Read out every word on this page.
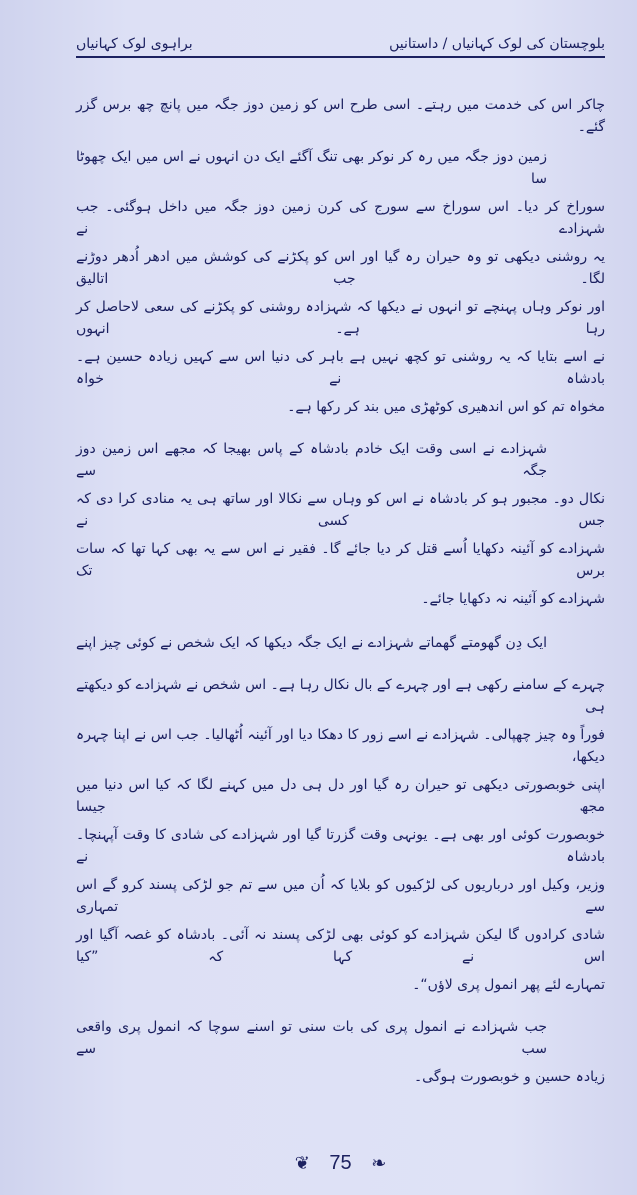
بلوچستان کی لوک کہانیاں / داستانیں
براہوی لوک کہانیاں
چاکر اس کی خدمت میں رہتے۔ اسی طرح اس کو زمین دوز جگہ میں پانچ چھ برس گزر گئے۔
زمین دوز جگہ میں رہ کر نوکر بھی تنگ آگئے ایک دن انہوں نے اس میں ایک چھوٹا سا
سوراخ کر دیا۔ اس سوراخ سے سورج کی کرن زمین دوز جگہ میں داخل ہوگئی۔ جب شہزادے نے
یہ روشنی دیکھی تو وہ حیران رہ گیا اور اس کو پکڑنے کی کوشش میں ادھر اُدھر دوڑنے لگا۔ جب اتالیق
اور نوکر وہاں پہنچے تو انہوں نے دیکھا کہ شہزادہ روشنی کو پکڑنے کی سعی لاحاصل کر رہا ہے۔ انہوں
نے اسے بتایا کہ یہ روشنی تو کچھ نہیں ہے باہر کی دنیا اس سے کہیں زیادہ حسین ہے۔ بادشاہ نے خواہ
مخواہ تم کو اس اندھیری کوٹھڑی میں بند کر رکھا ہے۔
شہزادے نے اسی وقت ایک خادم بادشاہ کے پاس بھیجا کہ مجھے اس زمین دوز جگہ سے
نکال دو۔ مجبور ہو کر بادشاہ نے اس کو وہاں سے نکالا اور ساتھ ہی یہ منادی کرا دی کہ جس کسی نے
شہزادے کو آئینہ دکھایا اُسے قتل کر دیا جائے گا۔ فقیر نے اس سے یہ بھی کہا تھا کہ سات برس تک
شہزادے کو آئینہ نہ دکھایا جائے۔
ایک دِن گھومتے گھماتے شہزادے نے ایک جگہ دیکھا کہ ایک شخص نے کوئی چیز اپنے
چہرے کے سامنے رکھی ہے اور چہرے کے بال نکال رہا ہے۔ اس شخص نے شہزادے کو دیکھتے ہی
فوراً وہ چیز چھپالی۔ شہزادے نے اسے زور کا دھکا دیا اور آئینہ اُٹھالیا۔ جب اس نے اپنا چہرہ دیکھا،
اپنی خوبصورتی دیکھی تو حیران رہ گیا اور دل ہی دل میں کہنے لگا کہ کیا اس دنیا میں مجھ جیسا
خوبصورت کوئی اور بھی ہے۔ یونہی وقت گزرتا گیا اور شہزادے کی شادی کا وقت آپہنچا۔ بادشاہ نے
وزیر، وکیل اور درباریوں کی لڑکیوں کو بلایا کہ اُن میں سے تم جو لڑکی پسند کرو گے اس سے تمہاری
شادی کرادوں گا لیکن شہزادے کو کوئی بھی لڑکی پسند نہ آئی۔ بادشاہ کو غصہ آگیا اور اس نے کہا کہ ”کیا
تمہارے لئے پھر انمول پری لاؤں“۔
جب شہزادے نے انمول پری کی بات سنی تو اسنے سوچا کہ انمول پری واقعی سب سے
زیادہ حسین و خوبصورت ہوگی۔
❦ 75 ❧
